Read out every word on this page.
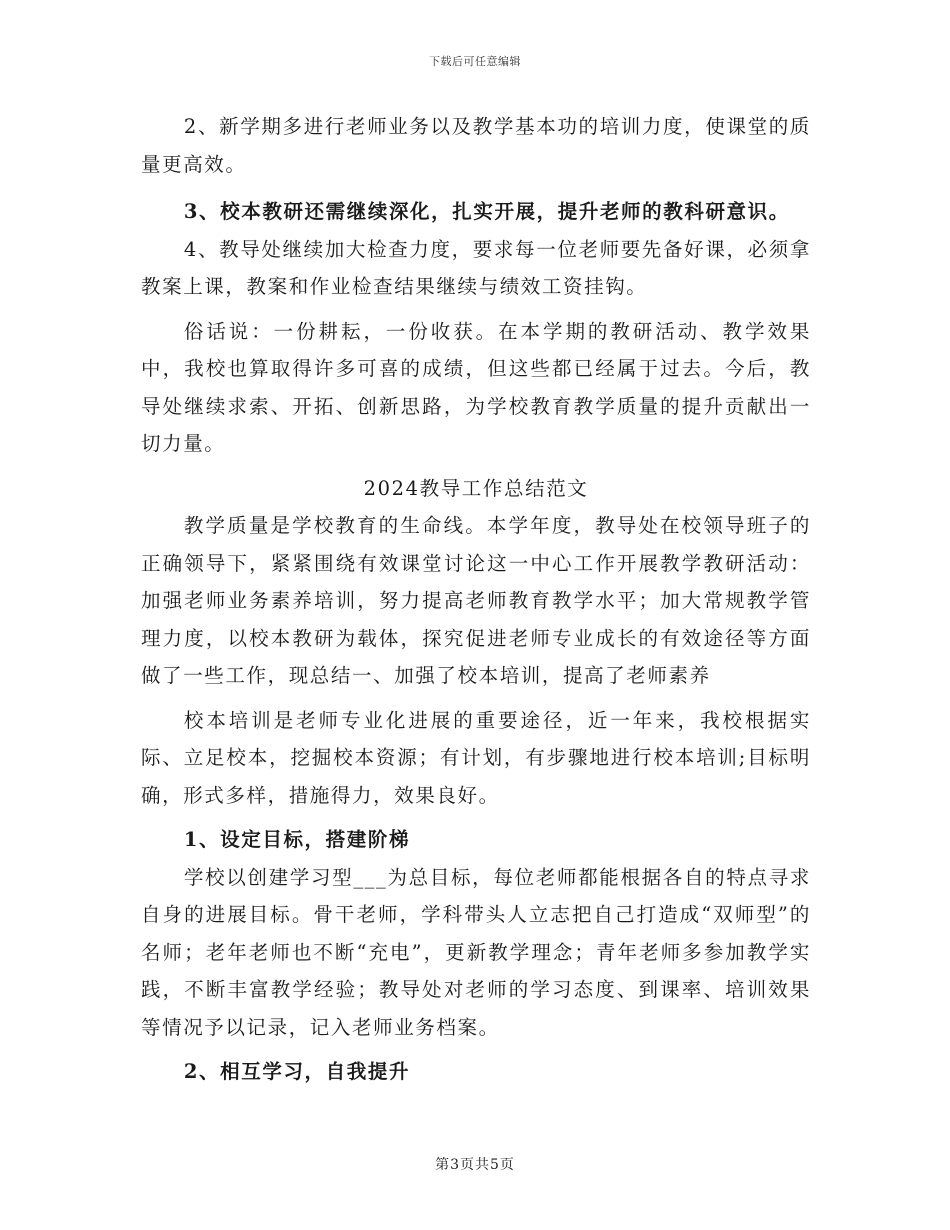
下载后可任意编辑

2、新学期多进行老师业务以及教学基本功的培训力度，使课堂的质量更高效。

3、校本教研还需继续深化，扎实开展，提升老师的教科研意识。

4、教导处继续加大检查力度，要求每一位老师要先备好课，必须拿教案上课，教案和作业检查结果继续与绩效工资挂钩。

俗话说：一份耕耘，一份收获。在本学期的教研活动、教学效果中，我校也算取得许多可喜的成绩，但这些都已经属于过去。今后，教导处继续求索、开拓、创新思路，为学校教育教学质量的提升贡献出一切力量。

2024教导工作总结范文

教学质量是学校教育的生命线。本学年度，教导处在校领导班子的正确领导下，紧紧围绕有效课堂讨论这一中心工作开展教学教研活动：加强老师业务素养培训，努力提高老师教育教学水平；加大常规教学管理力度，以校本教研为载体，探究促进老师专业成长的有效途径等方面做了一些工作，现总结一、加强了校本培训，提高了老师素养

校本培训是老师专业化进展的重要途径，近一年来，我校根据实际、立足校本，挖掘校本资源；有计划，有步骤地进行校本培训;目标明确，形式多样，措施得力，效果良好。

1、设定目标，搭建阶梯

学校以创建学习型___为总目标，每位老师都能根据各自的特点寻求自身的进展目标。骨干老师，学科带头人立志把自己打造成“双师型”的名师；老年老师也不断“充电”，更新教学理念；青年老师多参加教学实践，不断丰富教学经验；教导处对老师的学习态度、到课率、培训效果等情况予以记录，记入老师业务档案。

2、相互学习，自我提升

第3页共5页
